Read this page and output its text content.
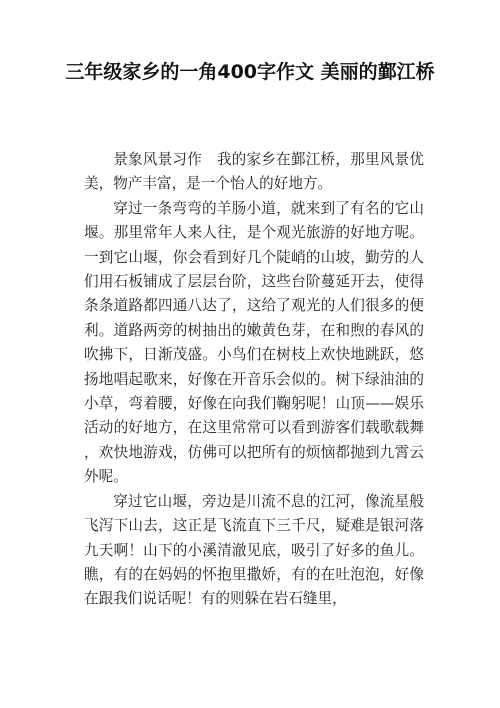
三年级家乡的一角400字作文 美丽的鄞江桥

景象风景习作　我的家乡在鄞江桥，那里风景优美，物产丰富，是一个怡人的好地方。

穿过一条弯弯的羊肠小道，就来到了有名的它山堰。那里常年人来人往，是个观光旅游的好地方呢。一到它山堰，你会看到好几个陡峭的山坡，勤劳的人们用石板铺成了层层台阶，这些台阶蔓延开去，使得条条道路都四通八达了，这给了观光的人们很多的便利。道路两旁的树抽出的嫩黄色芽，在和煦的春风的吹拂下，日渐茂盛。小鸟们在树枝上欢快地跳跃，悠扬地唱起歌来，好像在开音乐会似的。树下绿油油的小草，弯着腰，好像在向我们鞠躬呢！山顶——娱乐活动的好地方，在这里常常可以看到游客们载歌载舞，欢快地游戏，仿佛可以把所有的烦恼都抛到九霄云外呢。

穿过它山堰，旁边是川流不息的江河，像流星般飞泻下山去，这正是飞流直下三千尺，疑难是银河落九天啊！山下的小溪清澈见底，吸引了好多的鱼儿。瞧，有的在妈妈的怀抱里撒娇，有的在吐泡泡，好像在跟我们说话呢！有的则躲在岩石缝里，
